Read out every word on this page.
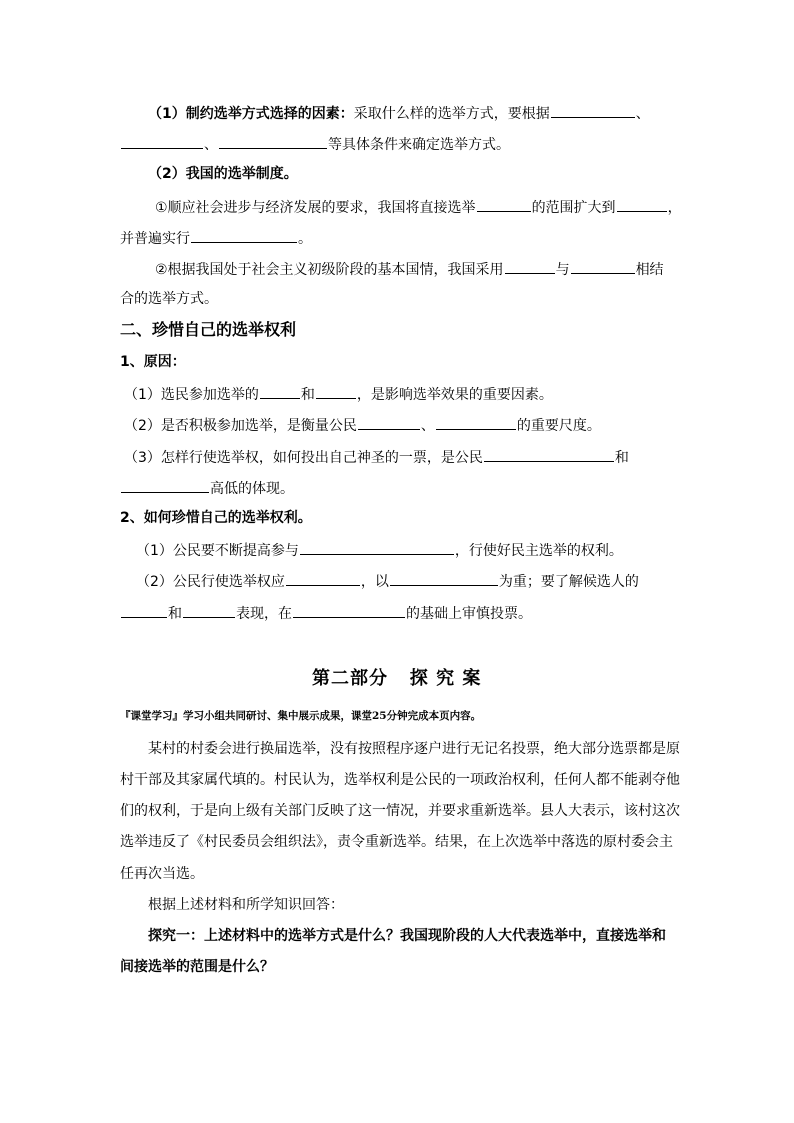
（1）制约选举方式选择的因素：采取什么样的选举方式，要根据	、
、	等具体条件来确定选举方式。
（2）我国的选举制度。
①顺应社会进步与经济发展的要求，我国将直接选举	的范围扩大到	，
并普遍实行	。
②根据我国处于社会主义初级阶段的基本国情，我国采用	与	相结
合的选举方式。
二、珍惜自己的选举权利
1、原因：
（1）选民参加选举的	和	，是影响选举效果的重要因素。
（2）是否积极参加选举，是衡量公民	、	的重要尺度。
（3）怎样行使选举权，如何投出自己神圣的一票，是公民	和
高低的体现。
2、如何珍惜自己的选举权利。
（1）公民要不断提高参与	，行使好民主选举的权利。
（2）公民行使选举权应	，以	为重；要了解候选人的
和	表现，在	的基础上审慎投票。
第二部分   探 究 案
『课堂学习』学习小组共同研讨、集中展示成果，课堂25分钟完成本页内容。
某村的村委会进行换届选举，没有按照程序逐户进行无记名投票，绝大部分选票都是原
村干部及其家属代填的。村民认为，选举权利是公民的一项政治权利，任何人都不能剥夺他
们的权利，于是向上级有关部门反映了这一情况，并要求重新选举。县人大表示，该村这次
选举违反了《村民委员会组织法》，责令重新选举。结果，在上次选举中落选的原村委会主
任再次当选。
根据上述材料和所学知识回答：
探究一：上述材料中的选举方式是什么？我国现阶段的人大代表选举中，直接选举和
间接选举的范围是什么？
